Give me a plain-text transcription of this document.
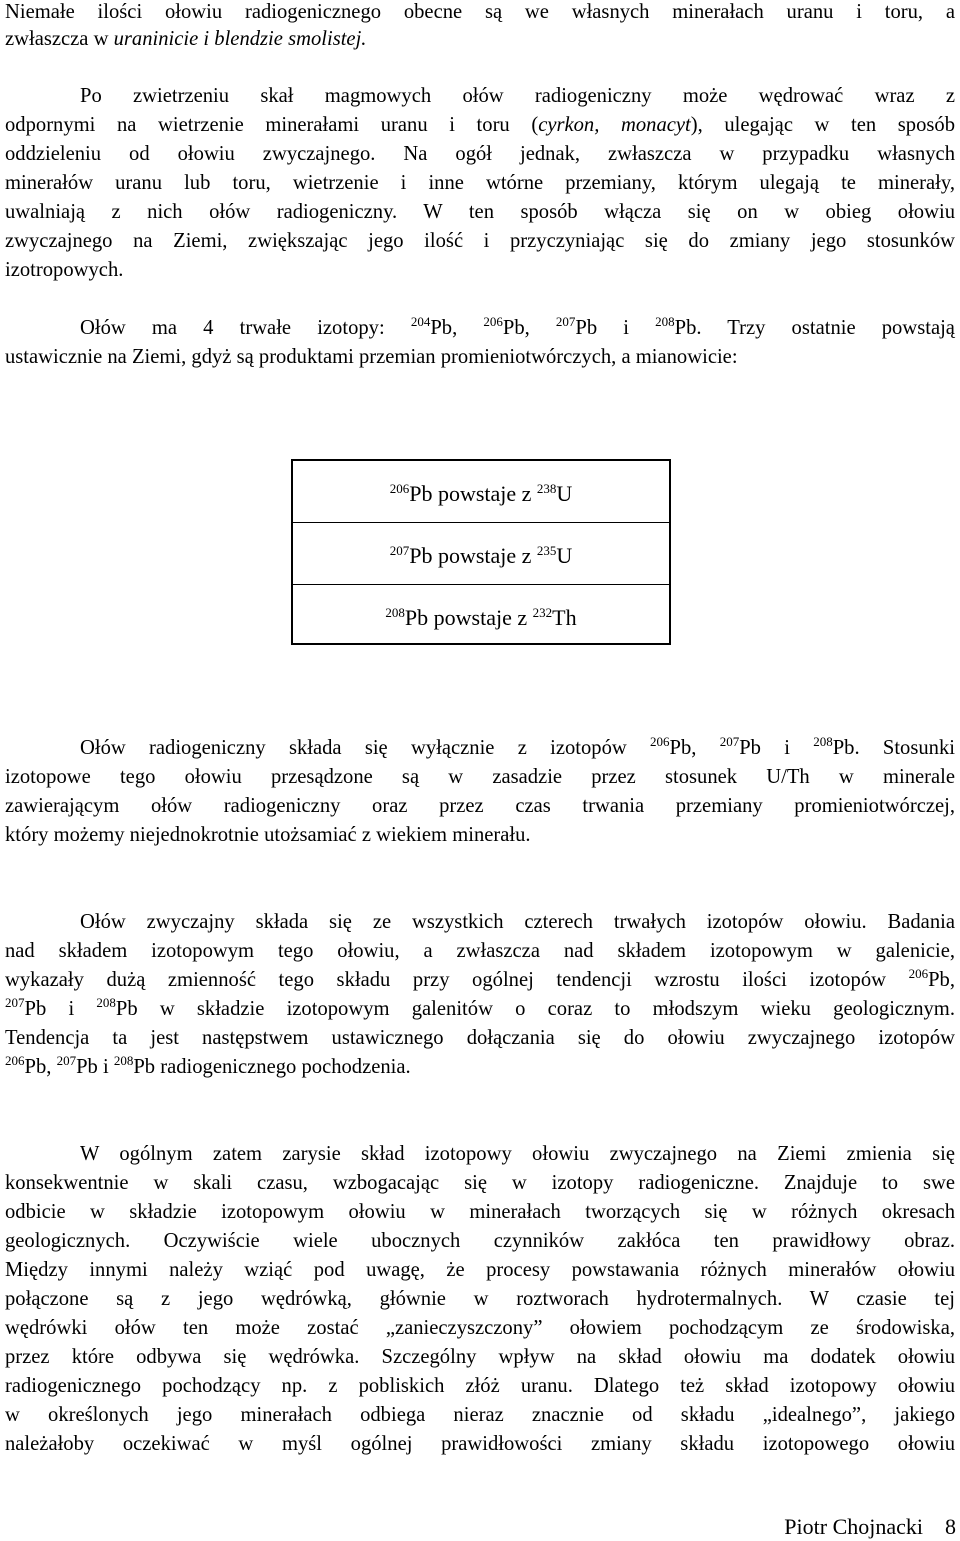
Niemałe ilości ołowiu radiogenicznego obecne są we własnych minerałach uranu i toru, a
zwłaszcza w uraninicie i blendzie smolistej.
Po zwietrzeniu skał magmowych ołów radiogeniczny może wędrować wraz z
odpornymi na wietrzenie minerałami uranu i toru (cyrkon, monacyt), ulegając w ten sposób
oddzieleniu od ołowiu zwyczajnego. Na ogół jednak, zwłaszcza w przypadku własnych
minerałów uranu lub toru, wietrzenie i inne wtórne przemiany, którym ulegają te minerały,
uwalniają z nich ołów radiogeniczny. W ten sposób włącza się on w obieg ołowiu
zwyczajnego na Ziemi, zwiększając jego ilość i przyczyniając się do zmiany jego stosunków
izotropowych.
Ołów ma 4 trwałe izotopy: $^{204}$Pb, $^{206}$Pb, $^{207}$Pb i $^{208}$Pb. Trzy ostatnie powstają
ustawicznie na Ziemi, gdyż są produktami przemian promieniotwórczych, a mianowicie:
$^{206}$Pb powstaje z $^{238}$U
$^{207}$Pb powstaje z $^{235}$U
$^{208}$Pb powstaje z $^{232}$Th
Ołów radiogeniczny składa się wyłącznie z izotopów $^{206}$Pb, $^{207}$Pb i $^{208}$Pb. Stosunki
izotopowe tego ołowiu przesądzone są w zasadzie przez stosunek U/Th w minerale
zawierającym ołów radiogeniczny oraz przez czas trwania przemiany promieniotwórczej,
który możemy niejednokrotnie utożsamiać z wiekiem minerału.
Ołów zwyczajny składa się ze wszystkich czterech trwałych izotopów ołowiu. Badania
nad składem izotopowym tego ołowiu, a zwłaszcza nad składem izotopowym w galenicie,
wykazały dużą zmienność tego składu przy ogólnej tendencji wzrostu ilości izotopów $^{206}$Pb,
$^{207}$Pb i $^{208}$Pb w składzie izotopowym galenitów o coraz to młodszym wieku geologicznym.
Tendencja ta jest następstwem ustawicznego dołączania się do ołowiu zwyczajnego izotopów
$^{206}$Pb, $^{207}$Pb i $^{208}$Pb radiogenicznego pochodzenia.
W ogólnym zatem zarysie skład izotopowy ołowiu zwyczajnego na Ziemi zmienia się
konsekwentnie w skali czasu, wzbogacając się w izotopy radiogeniczne. Znajduje to swe
odbicie w składzie izotopowym ołowiu w minerałach tworzących się w różnych okresach
geologicznych. Oczywiście wiele ubocznych czynników zakłóca ten prawidłowy obraz.
Między innymi należy wziąć pod uwagę, że procesy powstawania różnych minerałów ołowiu
połączone są z jego wędrówką, głównie w roztworach hydrotermalnych. W czasie tej
wędrówki ołów ten może zostać „zanieczyszczony” ołowiem pochodzącym ze środowiska,
przez które odbywa się wędrówka. Szczególny wpływ na skład ołowiu ma dodatek ołowiu
radiogenicznego pochodzący np. z pobliskich złóż uranu. Dlatego też skład izotopowy ołowiu
w określonych jego minerałach odbiega nieraz znacznie od składu „idealnego”, jakiego
należałoby oczekiwać w myśl ogólnej prawidłowości zmiany składu izotopowego ołowiu
Piotr Chojnacki 8
